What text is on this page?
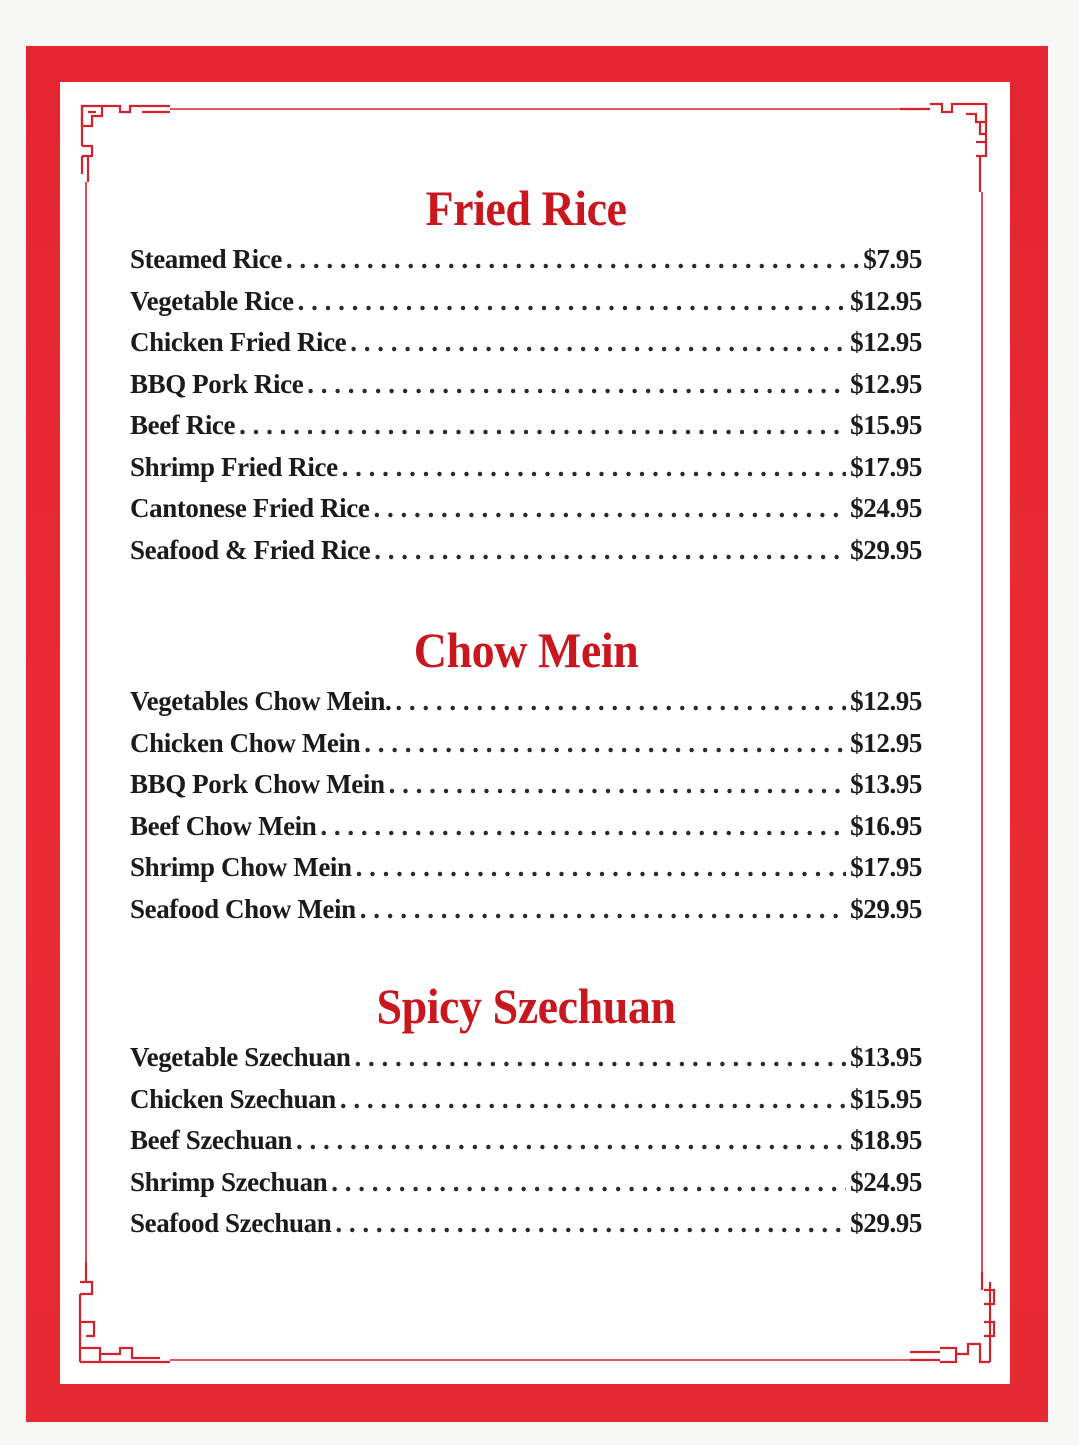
Fried Rice
Steamed Rice . . .	$7.95
Vegetable Rice . . .	$12.95
Chicken Fried Rice . . .	$12.95
BBQ Pork Rice . . .	$12.95
Beef Rice . . .	$15.95
Shrimp Fried Rice . . .	$17.95
Cantonese Fried Rice . . .	$24.95
Seafood & Fried Rice . . .	$29.95
Chow Mein
Vegetables Chow Mein. . . .	$12.95
Chicken Chow Mein . . .	$12.95
BBQ Pork Chow Mein . . .	$13.95
Beef Chow Mein . . .	$16.95
Shrimp Chow Mein . . .	$17.95
Seafood Chow Mein . . .	$29.95
Spicy Szechuan
Vegetable Szechuan . . .	$13.95
Chicken Szechuan . . .	$15.95
Beef Szechuan . . .	$18.95
Shrimp Szechuan . . .	$24.95
Seafood Szechuan . . .	$29.95
